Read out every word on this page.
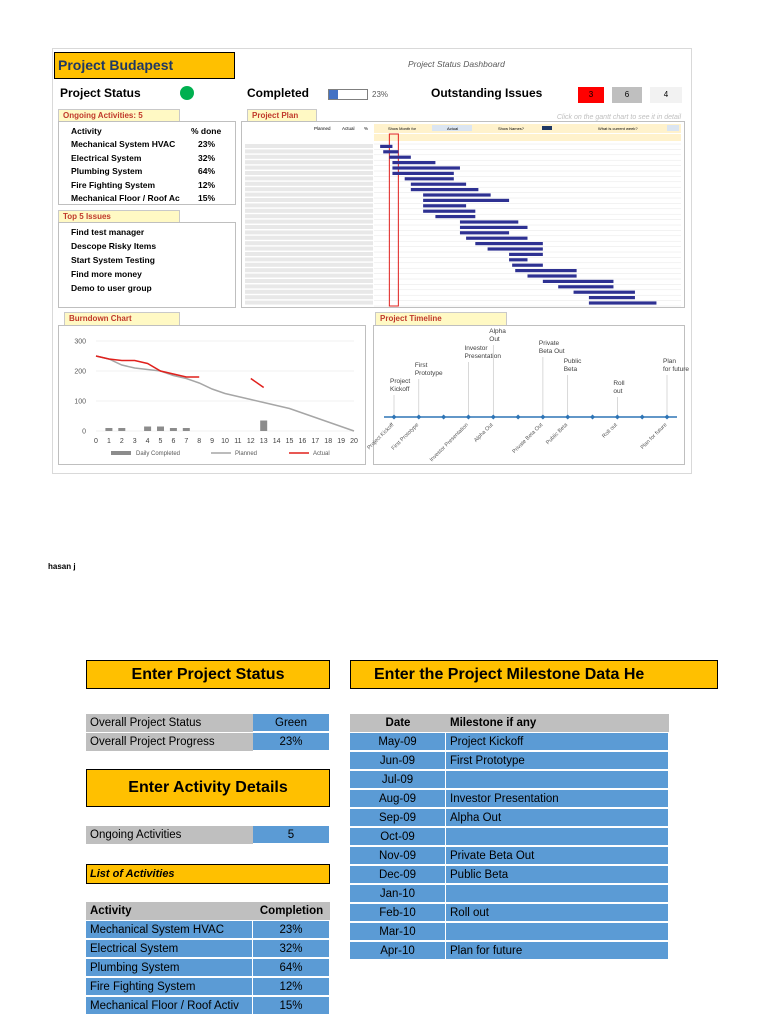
Project Budapest	Project Status Dashboard
Project Status	Completed	23%	Outstanding Issues	3	6	4
Ongoing Activities: 5
Activity	% done
Mechanical System HVAC	23%
Electrical System	32%
Plumbing System	64%
Fire Fighting System	12%
Mechanical Floor / Roof Ac	15%
Top 5 Issues
Find test manager
Descope Risky Items
Start System Testing
Find more money
Demo to user group
Project Plan	Click on the gantt chart to see it in detail
Planned	Actual %	Show Month for	Actual	Show Names?	What is current week?
Burndown Chart
0
100
200
300
0 1 2 3 4 5 6 7 8 9 10 11 12 13 14 15 16 17 18 19 20
Daily Completed	Planned	Actual
Project Timeline
Project
Kickoff
Project Kickoff
First
Prototype
First Prototype
Investor
Presentation
Investor Presentation
Alpha
Out
Alpha Out
Private
Beta Out
Private Beta Out
Public
Beta
Public Beta
Roll
out
Roll out
Plan
for future
Plan for future
hasan j
Enter Project Status	Enter the Project Milestone Data He
Overall Project Status	Green
Overall Project Progress	23%
Enter Activity Details
Ongoing Activities	5
List of Activities
Activity	Completion
Mechanical System HVAC	23%
Electrical System	32%
Plumbing System	64%
Fire Fighting System	12%
Mechanical Floor / Roof Activ	15%
Date	Milestone if any
May-09	Project Kickoff
Jun-09	First Prototype
Jul-09
Aug-09	Investor Presentation
Sep-09	Alpha Out
Oct-09
Nov-09	Private Beta Out
Dec-09	Public Beta
Jan-10
Feb-10	Roll out
Mar-10
Apr-10	Plan for future
